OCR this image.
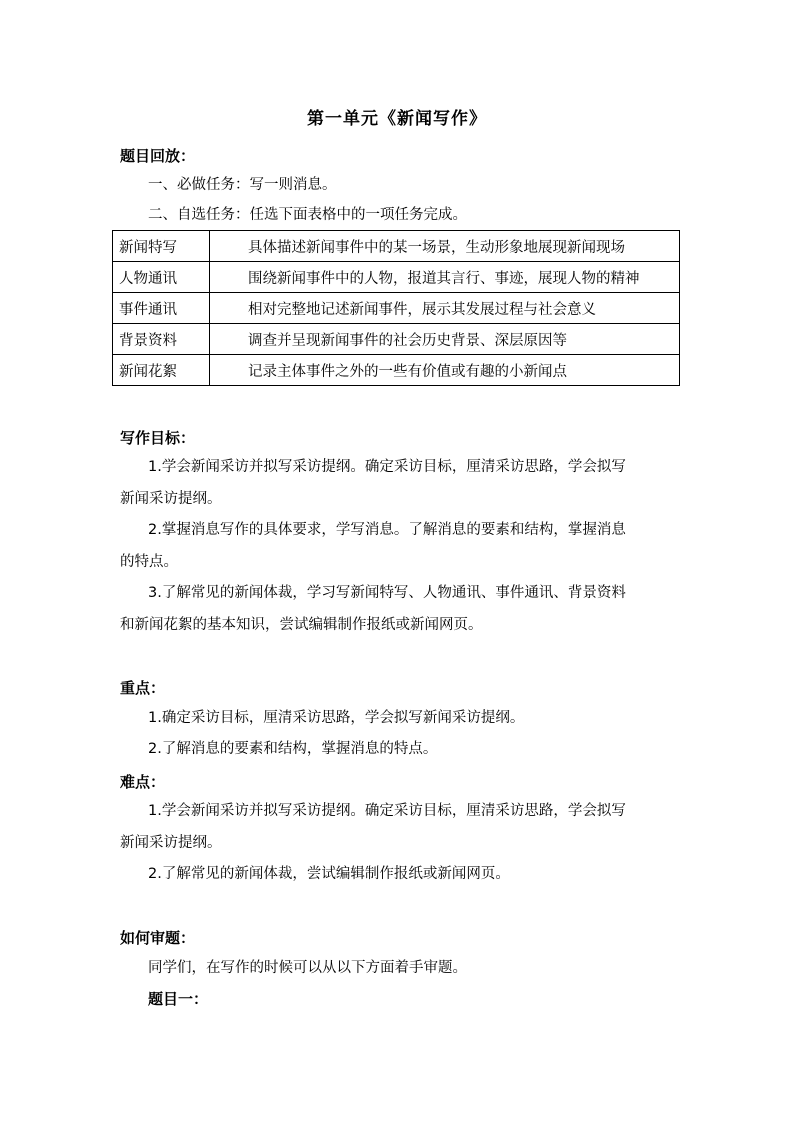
第一单元《新闻写作》
题目回放：
一、必做任务：写一则消息。
二、自选任务：任选下面表格中的一项任务完成。
新闻特写	具体描述新闻事件中的某一场景，生动形象地展现新闻现场
人物通讯	围绕新闻事件中的人物，报道其言行、事迹，展现人物的精神
事件通讯	相对完整地记述新闻事件，展示其发展过程与社会意义
背景资料	调查并呈现新闻事件的社会历史背景、深层原因等
新闻花絮	记录主体事件之外的一些有价值或有趣的小新闻点
写作目标：
1.学会新闻采访并拟写采访提纲。确定采访目标，厘清采访思路，学会拟写
新闻采访提纲。
2.掌握消息写作的具体要求，学写消息。了解消息的要素和结构，掌握消息
的特点。
3.了解常见的新闻体裁，学习写新闻特写、人物通讯、事件通讯、背景资料
和新闻花絮的基本知识，尝试编辑制作报纸或新闻网页。
重点：
1.确定采访目标，厘清采访思路，学会拟写新闻采访提纲。
2.了解消息的要素和结构，掌握消息的特点。
难点：
1.学会新闻采访并拟写采访提纲。确定采访目标，厘清采访思路，学会拟写
新闻采访提纲。
2.了解常见的新闻体裁，尝试编辑制作报纸或新闻网页。
如何审题：
同学们，在写作的时候可以从以下方面着手审题。
题目一：
